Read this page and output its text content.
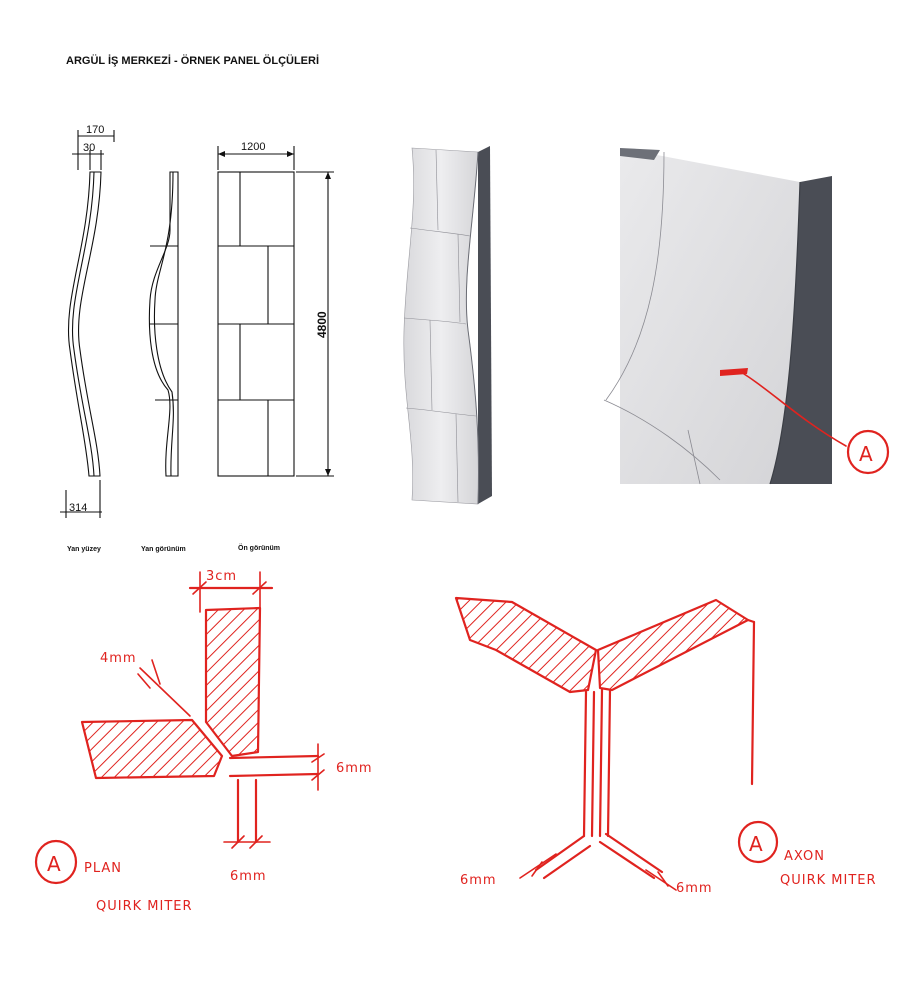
ARGÜL İŞ MERKEZİ - ÖRNEK PANEL ÖLÇÜLERİ
170
30
314
1200
4800
Yan yüzey	Yan görünüm	Ön görünüm
A
3cm
4mm
6mm
6mm
A PLAN
QUIRK MITER
6mm
6mm
A
AXON
QUIRK MITER
